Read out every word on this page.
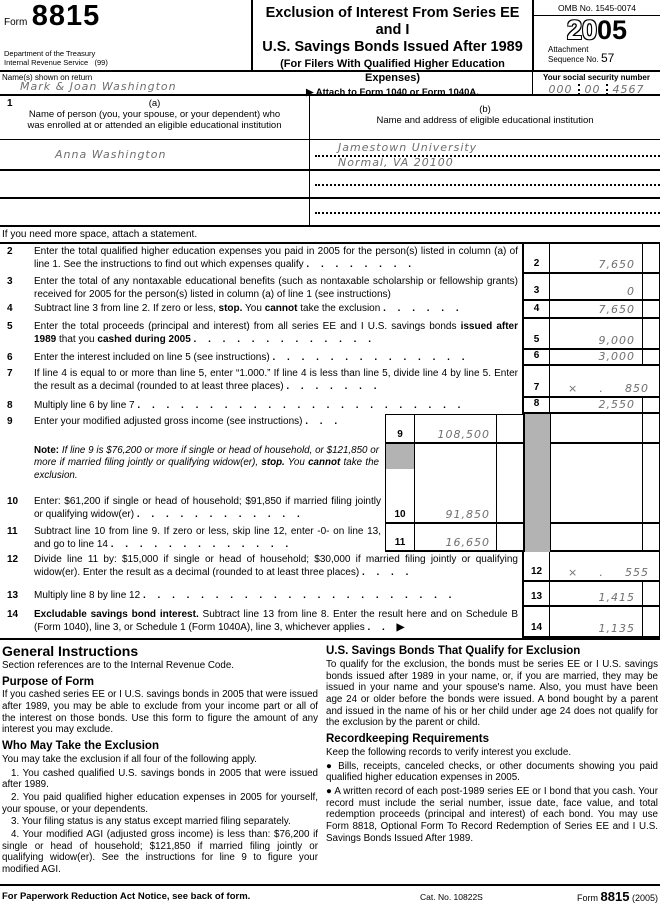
Form 8815
Department of the Treasury
Internal Revenue Service (99)
Exclusion of Interest From Series EE and I
U.S. Savings Bonds Issued After 1989
(For Filers With Qualified Higher Education Expenses)
▶ Attach to Form 1040 or Form 1040A.
OMB No. 1545-0074
2005
Attachment
Sequence No. 57
Name(s) shown on return
Mark & Joan Washington
Your social security number
000 00 4567
1	(a)
Name of person (you, your spouse, or your dependent) who
was enrolled at or attended an eligible educational institution
(b)
Name and address of eligible educational institution
Anna Washington
Jamestown University
Normal, VA 20100
If you need more space, attach a statement.
2	Enter the total qualified higher education expenses you paid in 2005 for the person(s) listed in column (a) of line 1. See the instructions to find out which expenses qualify . . . . . . . .	2	7,650
3	Enter the total of any nontaxable educational benefits (such as nontaxable scholarship or fellowship grants) received for 2005 for the person(s) listed in column (a) of line 1 (see instructions)	3	0
4	Subtract line 3 from line 2. If zero or less, stop. You cannot take the exclusion . . . . . .	4	7,650
5	Enter the total proceeds (principal and interest) from all series EE and I U.S. savings bonds issued after 1989 that you cashed during 2005 . . . . . . . . . . . . .	5	9,000
6	Enter the interest included on line 5 (see instructions) . . . . . . . . . . . . . .	6	3,000
7	If line 4 is equal to or more than line 5, enter “1.000.” If line 4 is less than line 5, divide line 4 by line 5. Enter the result as a decimal (rounded to at least three places) . . . . . . .	7	× . 850
8	Multiply line 6 by line 7 . . . . . . . . . . . . . . . . . . . . . . .	8	2,550
9	Enter your modified adjusted gross income (see instructions) . . .
9	108,500
Note: If line 9 is $76,200 or more if single or head of household, or $121,850 or more if married filing jointly or qualifying widow(er), stop. You cannot take the exclusion.
10	Enter: $61,200 if single or head of household; $91,850 if married filing jointly or qualifying widow(er) . . . . . . . . . . . .	10	91,850
11	Subtract line 10 from line 9. If zero or less, skip line 12, enter -0- on line 13, and go to line 14 . . . . . . . . . . . . .	11	16,650
12	Divide line 11 by: $15,000 if single or head of household; $30,000 if married filing jointly or qualifying widow(er). Enter the result as a decimal (rounded to at least three places) . . . .	12	× . 555
13	Multiply line 8 by line 12 . . . . . . . . . . . . . . . . . . . . . .	13	1,415
14	Excludable savings bond interest. Subtract line 13 from line 8. Enter the result here and on Schedule B (Form 1040), line 3, or Schedule 1 (Form 1040A), line 3, whichever applies . . ▶	14	1,135
General Instructions

Section references are to the Internal Revenue Code.

Purpose of Form

If you cashed series EE or I U.S. savings bonds in 2005 that were issued after 1989, you may be able to exclude from your income part or all of the interest on those bonds. Use this form to figure the amount of any interest you may exclude.

Who May Take the Exclusion

You may take the exclusion if all four of the following apply.

1. You cashed qualified U.S. savings bonds in 2005 that were issued after 1989.

2. You paid qualified higher education expenses in 2005 for yourself, your spouse, or your dependents.

3. Your filing status is any status except married filing separately.

4. Your modified AGI (adjusted gross income) is less than: $76,200 if single or head of household; $121,850 if married filing jointly or qualifying widow(er). See the instructions for line 9 to figure your modified AGI.

U.S. Savings Bonds That Qualify for Exclusion

To qualify for the exclusion, the bonds must be series EE or I U.S. savings bonds issued after 1989 in your name, or, if you are married, they may be issued in your name and your spouse's name. Also, you must have been age 24 or older before the bonds were issued. A bond bought by a parent and issued in the name of his or her child under age 24 does not qualify for the exclusion by the parent or child.

Recordkeeping Requirements

Keep the following records to verify interest you exclude.

● Bills, receipts, canceled checks, or other documents showing you paid qualified higher education expenses in 2005.

● A written record of each post-1989 series EE or I bond that you cash. Your record must include the serial number, issue date, face value, and total redemption proceeds (principal and interest) of each bond. You may use Form 8818, Optional Form To Record Redemption of Series EE and I U.S. Savings Bonds Issued After 1989.

For Paperwork Reduction Act Notice, see back of form.	Cat. No. 10822S	Form 8815 (2005)
